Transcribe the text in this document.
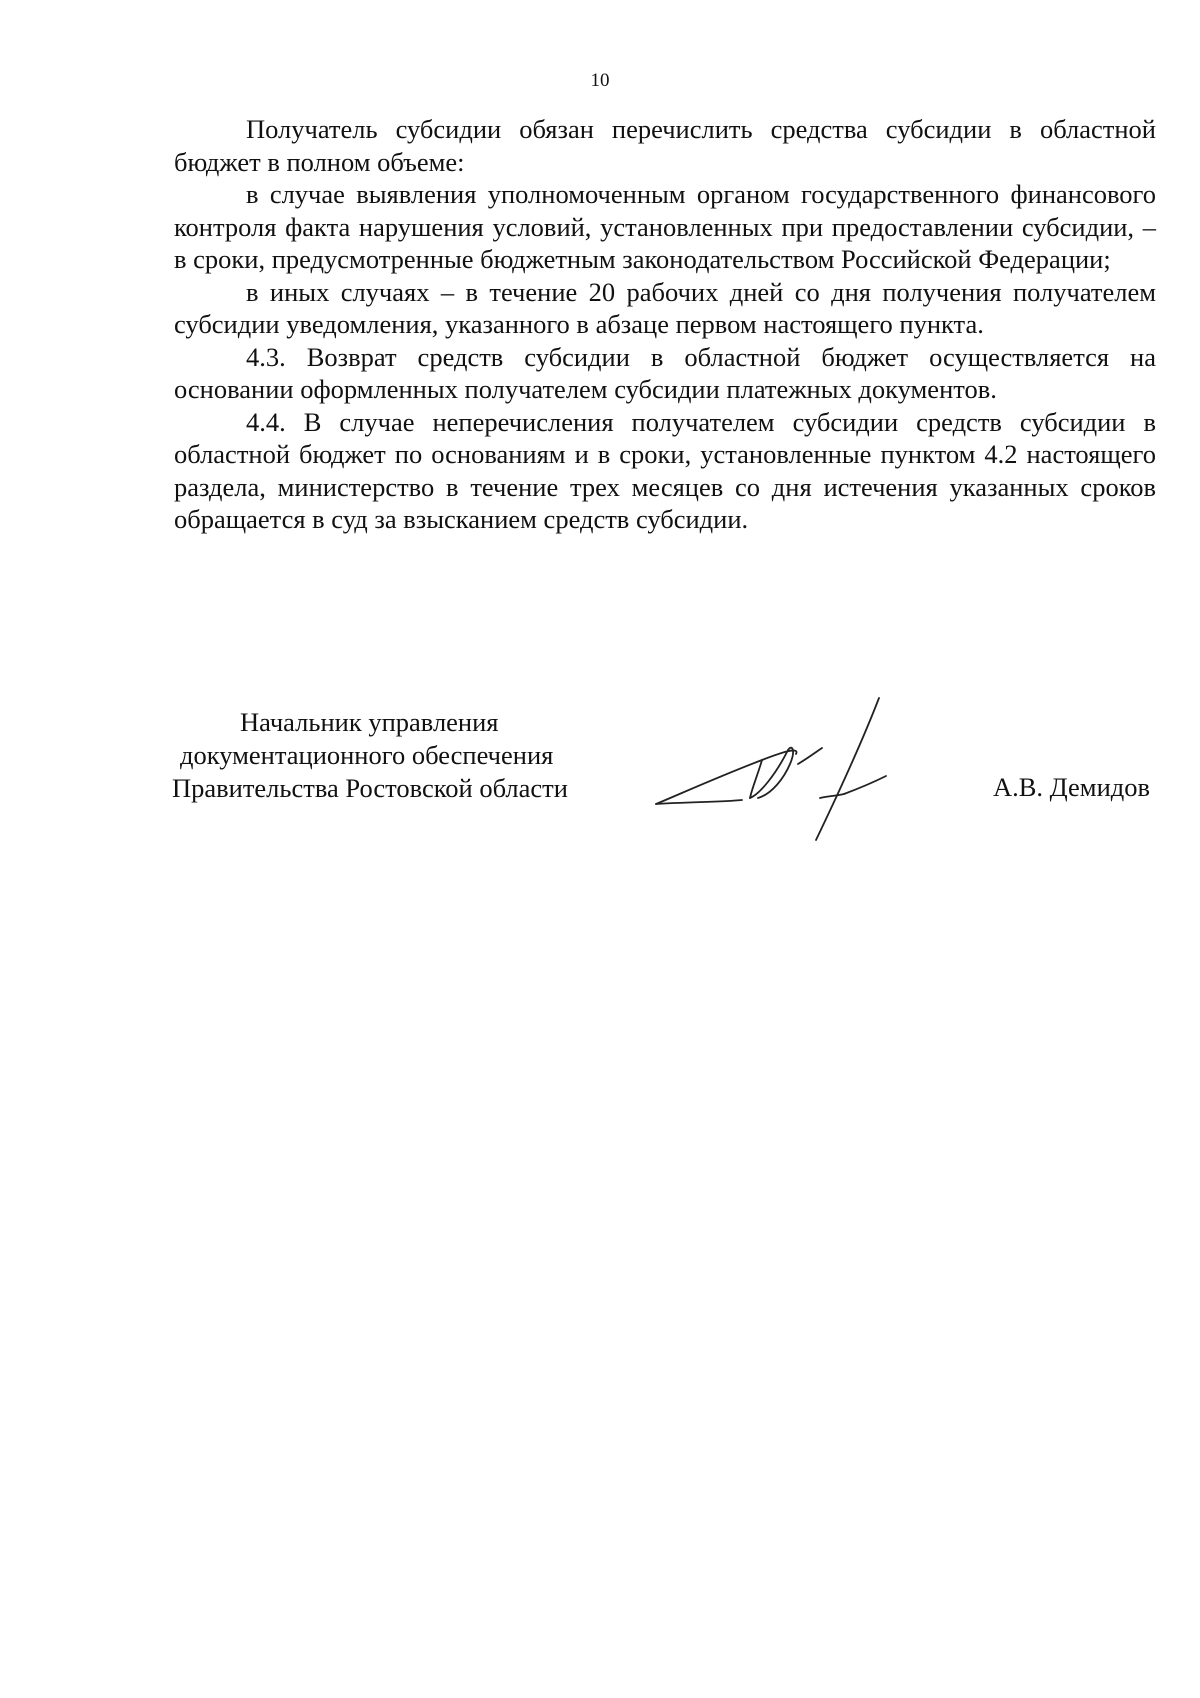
10

Получатель субсидии обязан перечислить средства субсидии в областной бюджет в полном объеме:

в случае выявления уполномоченным органом государственного финансового контроля факта нарушения условий, установленных при предоставлении субсидии, – в сроки, предусмотренные бюджетным законодательством Российской Федерации;

в иных случаях – в течение 20 рабочих дней со дня получения получателем субсидии уведомления, указанного в абзаце первом настоящего пункта.

4.3. Возврат средств субсидии в областной бюджет осуществляется на основании оформленных получателем субсидии платежных документов.

4.4. В случае неперечисления получателем субсидии средств субсидии в областной бюджет по основаниям и в сроки, установленные пунктом 4.2 настоящего раздела, министерство в течение трех месяцев со дня истечения указанных сроков обращается в суд за взысканием средств субсидии.

Начальник управления
документационного обеспечения
Правительства Ростовской области	А.В. Демидов
